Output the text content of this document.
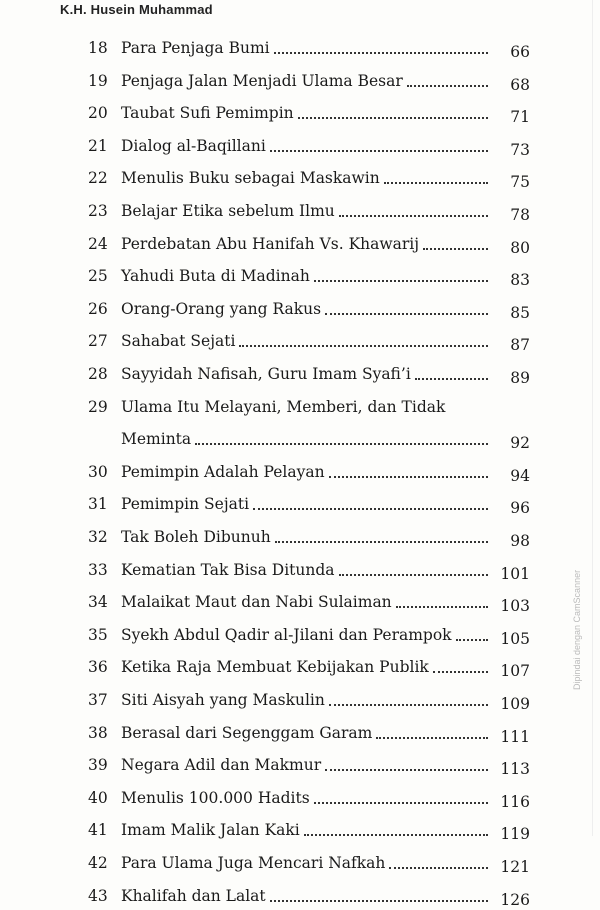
K.H. Husein Muhammad
18 Para Penjaga Bumi	66
19 Penjaga Jalan Menjadi Ulama Besar	68
20 Taubat Sufi Pemimpin	71
21 Dialog al-Baqillani	73
22 Menulis Buku sebagai Maskawin	75
23 Belajar Etika sebelum Ilmu	78
24 Perdebatan Abu Hanifah Vs. Khawarij	80
25 Yahudi Buta di Madinah	83
26 Orang-Orang yang Rakus	85
27 Sahabat Sejati	87
28 Sayyidah Nafisah, Guru Imam Syafi’i	89
29 Ulama Itu Melayani, Memberi, dan Tidak
Meminta	92
30 Pemimpin Adalah Pelayan	94
31 Pemimpin Sejati	96
32 Tak Boleh Dibunuh	98
33 Kematian Tak Bisa Ditunda	101
34 Malaikat Maut dan Nabi Sulaiman	103
35 Syekh Abdul Qadir al-Jilani dan Perampok	105
36 Ketika Raja Membuat Kebijakan Publik	107
37 Siti Aisyah yang Maskulin	109
38 Berasal dari Segenggam Garam	111
39 Negara Adil dan Makmur	113
40 Menulis 100.000 Hadits	116
41 Imam Malik Jalan Kaki	119
42 Para Ulama Juga Mencari Nafkah	121
43 Khalifah dan Lalat	126
Dipindai dengan CamScanner
